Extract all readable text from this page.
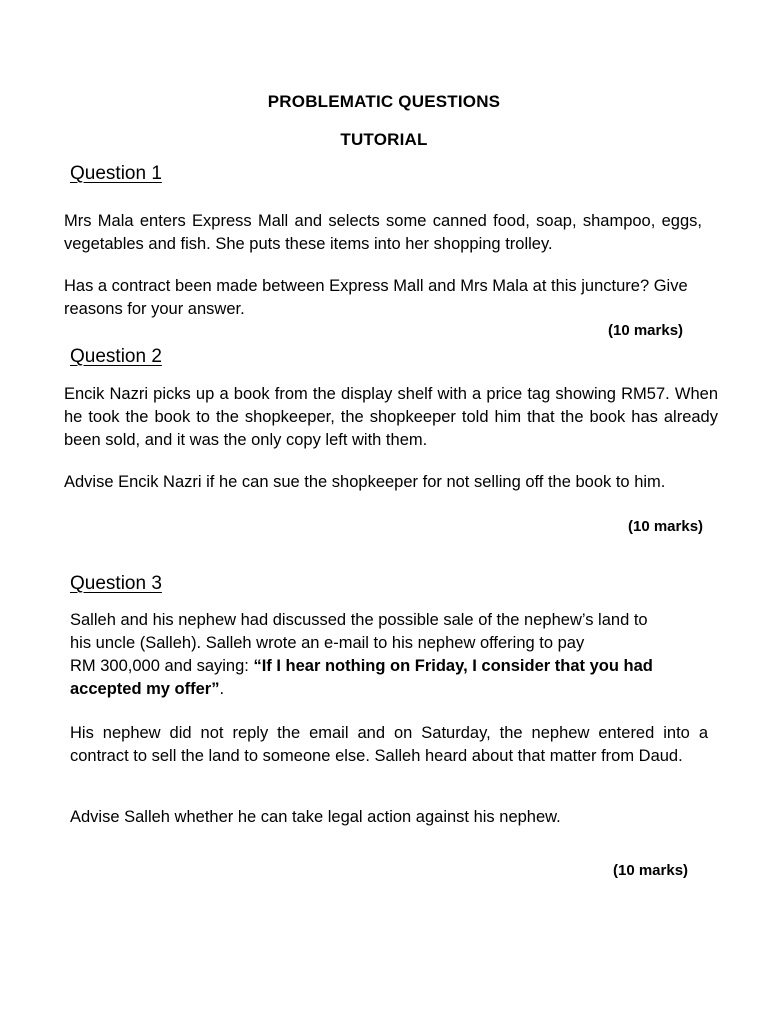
PROBLEMATIC QUESTIONS
TUTORIAL
Question 1
Mrs Mala enters Express Mall and selects some canned food, soap, shampoo, eggs, vegetables and fish. She puts these items into her shopping trolley.
Has a contract been made between Express Mall and Mrs Mala at this juncture? Give reasons for your answer.
(10 marks)
Question 2
Encik Nazri picks up a book from the display shelf with a price tag showing RM57. When he took the book to the shopkeeper, the shopkeeper told him that the book has already been sold, and it was the only copy left with them.
Advise Encik Nazri if he can sue the shopkeeper for not selling off the book to him.
(10 marks)
Question 3
Salleh and his nephew had discussed the possible sale of the nephew’s land to
his uncle (Salleh). Salleh wrote an e-mail to his nephew offering to pay
RM 300,000 and saying: “If I hear nothing on Friday, I consider that you had accepted my offer”.
His nephew did not reply the email and on Saturday, the nephew entered into a contract to sell the land to someone else. Salleh heard about that matter from Daud.
Advise Salleh whether he can take legal action against his nephew.
(10 marks)
